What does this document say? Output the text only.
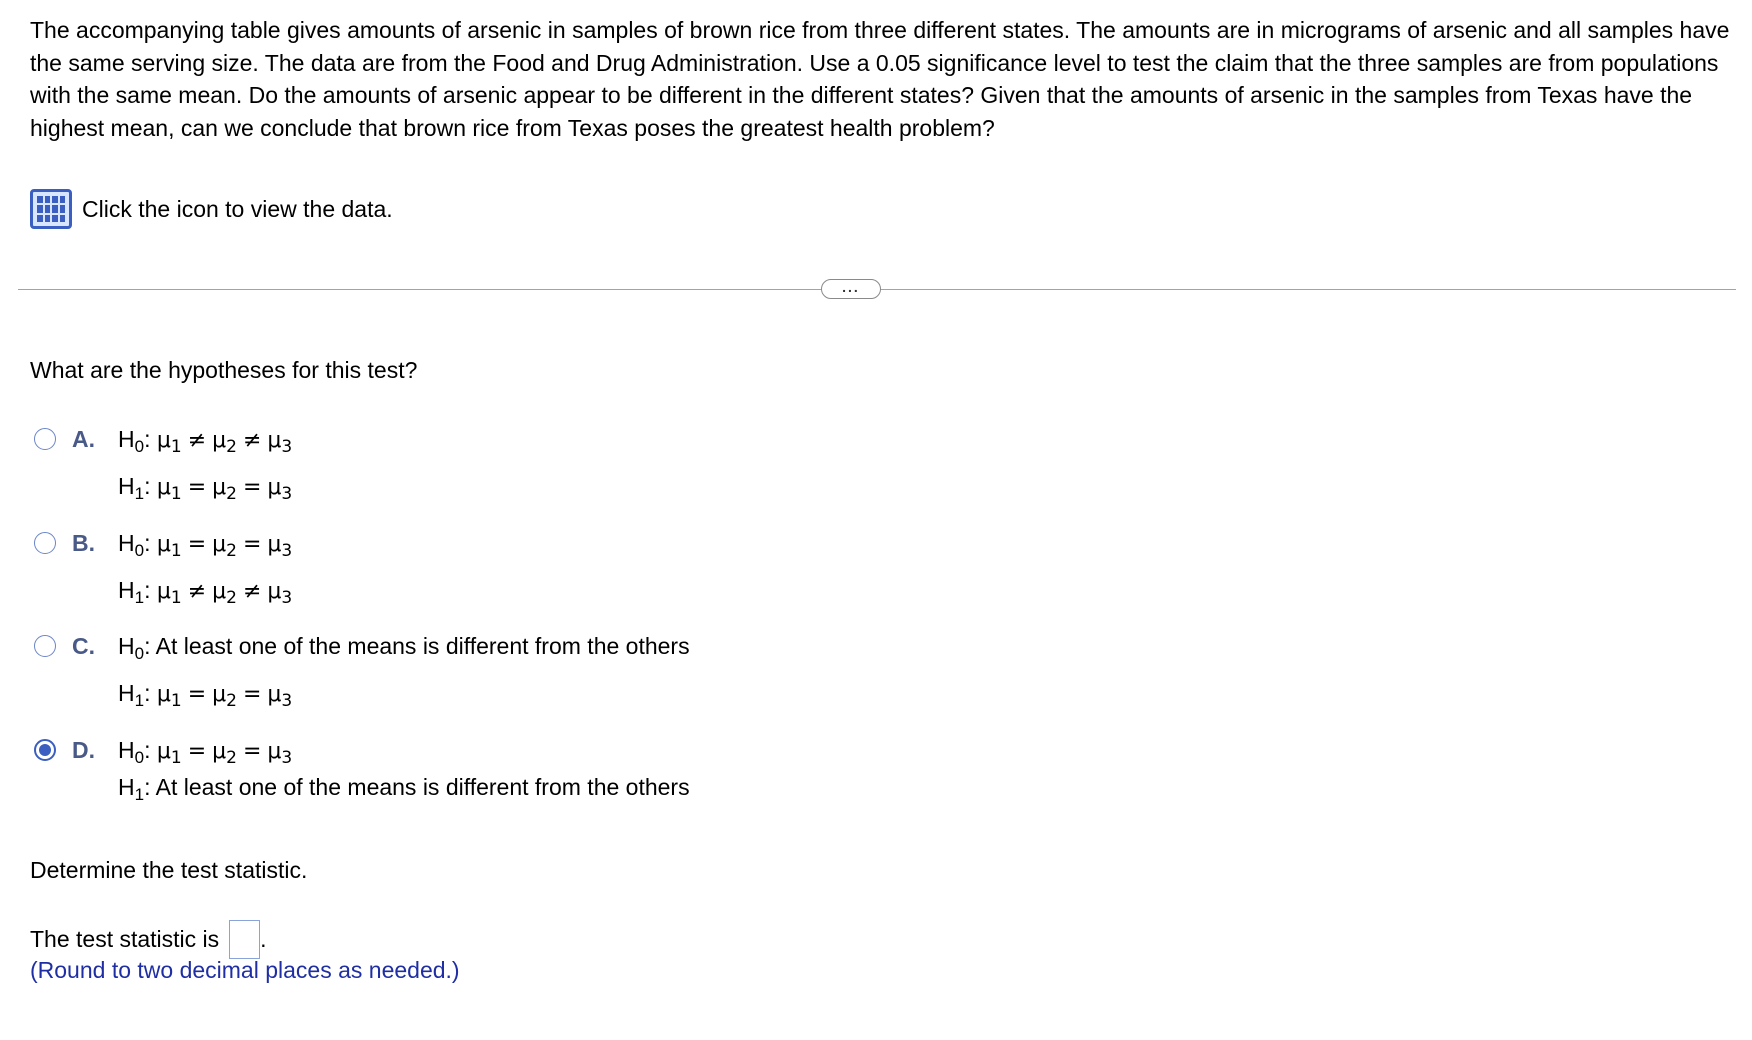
The accompanying table gives amounts of arsenic in samples of brown rice from three different states. The amounts are in micrograms of arsenic and all samples have the same serving size. The data are from the Food and Drug Administration. Use a 0.05 significance level to test the claim that the three samples are from populations with the same mean. Do the amounts of arsenic appear to be different in the different states? Given that the amounts of arsenic in the samples from Texas have the highest mean, can we conclude that brown rice from Texas poses the greatest health problem?

Click the icon to view the data.
...

What are the hypotheses for this test?

A. $H_0$: $\mu_1 \ne \mu_2 \ne \mu_3$
$H_1$: $\mu_1 = \mu_2 = \mu_3$
B. $H_0$: $\mu_1 = \mu_2 = \mu_3$
$H_1$: $\mu_1 \ne \mu_2 \ne \mu_3$
C. $H_0$: At least one of the means is different from the others
$H_1$: $\mu_1 = \mu_2 = \mu_3$
D. $H_0$: $\mu_1 = \mu_2 = \mu_3$
$H_1$: At least one of the means is different from the others

Determine the test statistic.

The test statistic is .

(Round to two decimal places as needed.)
